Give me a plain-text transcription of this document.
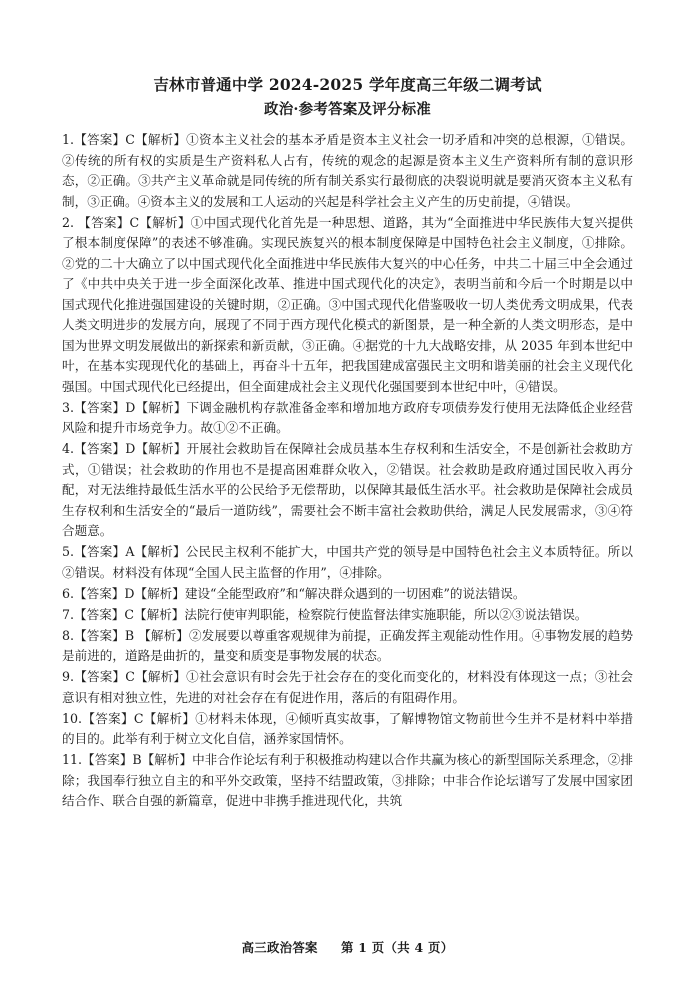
吉林市普通中学 2024-2025 学年度高三年级二调考试
政治·参考答案及评分标准

1.【答案】C【解析】①资本主义社会的基本矛盾是资本主义社会一切矛盾和冲突的总根源，①错误。②传统的所有权的实质是生产资料私人占有，传统的观念的起源是资本主义生产资料所有制的意识形态，②正确。③共产主义革命就是同传统的所有制关系实行最彻底的决裂说明就是要消灭资本主义私有制，③正确。④资本主义的发展和工人运动的兴起是科学社会主义产生的历史前提，④错误。

2. 【答案】C【解析】①中国式现代化首先是一种思想、道路，其为“全面推进中华民族伟大复兴提供了根本制度保障”的表述不够准确。实现民族复兴的根本制度保障是中国特色社会主义制度，①排除。②党的二十大确立了以中国式现代化全面推进中华民族伟大复兴的中心任务，中共二十届三中全会通过了《中共中央关于进一步全面深化改革、推进中国式现代化的决定》，表明当前和今后一个时期是以中国式现代化推进强国建设的关键时期，②正确。③中国式现代化借鉴吸收一切人类优秀文明成果，代表人类文明进步的发展方向，展现了不同于西方现代化模式的新图景，是一种全新的人类文明形态，是中国为世界文明发展做出的新探索和新贡献，③正确。④据党的十九大战略安排，从 2035 年到本世纪中叶，在基本实现现代化的基础上，再奋斗十五年，把我国建成富强民主文明和谐美丽的社会主义现代化强国。中国式现代化已经提出，但全面建成社会主义现代化强国要到本世纪中叶，④错误。

3.【答案】D【解析】下调金融机构存款准备金率和增加地方政府专项债券发行使用无法降低企业经营风险和提升市场竞争力。故①②不正确。

4.【答案】D【解析】开展社会救助旨在保障社会成员基本生存权利和生活安全，不是创新社会救助方式，①错误；社会救助的作用也不是提高困难群众收入，②错误。社会救助是政府通过国民收入再分配，对无法维持最低生活水平的公民给予无偿帮助，以保障其最低生活水平。社会救助是保障社会成员生存权利和生活安全的“最后一道防线”，需要社会不断丰富社会救助供给，满足人民发展需求，③④符合题意。

5.【答案】A【解析】公民民主权利不能扩大，中国共产党的领导是中国特色社会主义本质特征。所以②错误。材料没有体现“全国人民主监督的作用”，④排除。

6.【答案】D【解析】建设“全能型政府”和“解决群众遇到的一切困难”的说法错误。

7.【答案】C【解析】法院行使审判职能，检察院行使监督法律实施职能，所以②③说法错误。

8.【答案】B 【解析】②发展要以尊重客观规律为前提，正确发挥主观能动性作用。④事物发展的趋势是前进的，道路是曲折的，量变和质变是事物发展的状态。

9.【答案】C【解析】①社会意识有时会先于社会存在的变化而变化的，材料没有体现这一点；③社会意识有相对独立性，先进的对社会存在有促进作用，落后的有阻碍作用。

10.【答案】C【解析】①材料未体现，④倾听真实故事，了解博物馆文物前世今生并不是材料中举措的目的。此举有利于树立文化自信，涵养家国情怀。

11.【答案】B【解析】中非合作论坛有利于积极推动构建以合作共赢为核心的新型国际关系理念，②排除；我国奉行独立自主的和平外交政策，坚持不结盟政策，③排除；中非合作论坛谱写了发展中国家团结合作、联合自强的新篇章，促进中非携手推进现代化，共筑

高三政治答案 第 1 页（共 4 页）
